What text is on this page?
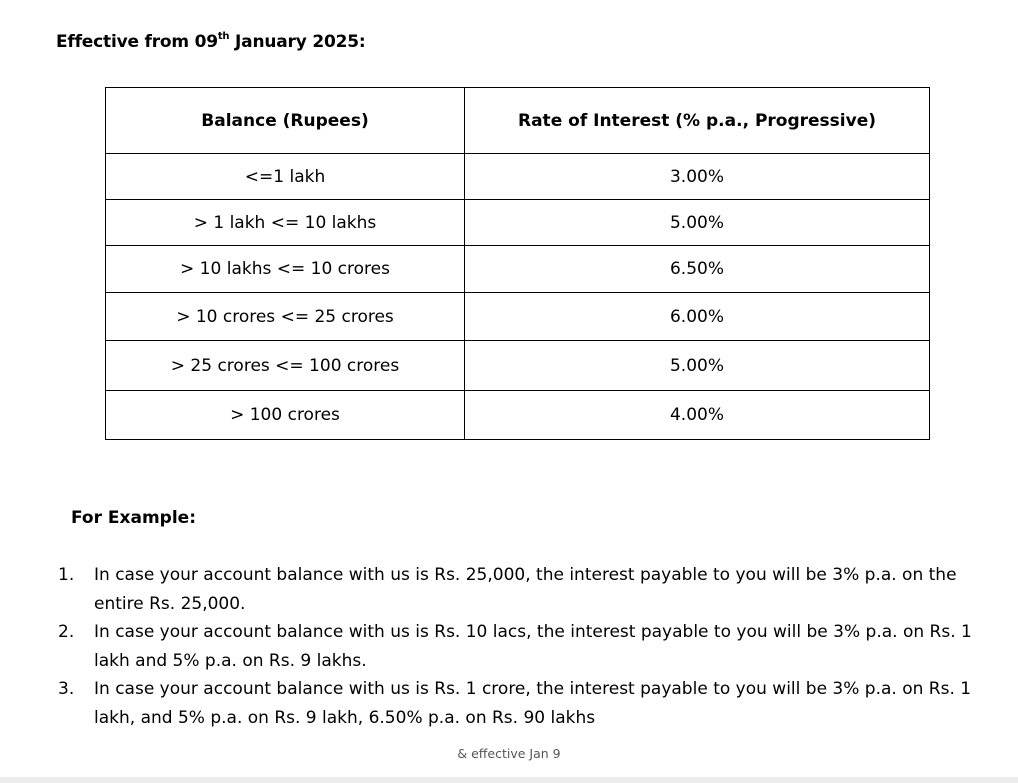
Effective from 09th January 2025:
Balance (Rupees)	Rate of Interest (% p.a., Progressive)
<=1 lakh	3.00%
> 1 lakh <= 10 lakhs	5.00%
> 10 lakhs <= 10 crores	6.50%
> 10 crores <= 25 crores	6.00%
> 25 crores <= 100 crores	5.00%
> 100 crores	4.00%
For Example:
1. In case your account balance with us is Rs. 25,000, the interest payable to you will be 3% p.a. on the entire Rs. 25,000.
2. In case your account balance with us is Rs. 10 lacs, the interest payable to you will be 3% p.a. on Rs. 1 lakh and 5% p.a. on Rs. 9 lakhs.
3. In case your account balance with us is Rs. 1 crore, the interest payable to you will be 3% p.a. on Rs. 1 lakh, and 5% p.a. on Rs. 9 lakh, 6.50% p.a. on Rs. 90 lakhs
& effective Jan 9
